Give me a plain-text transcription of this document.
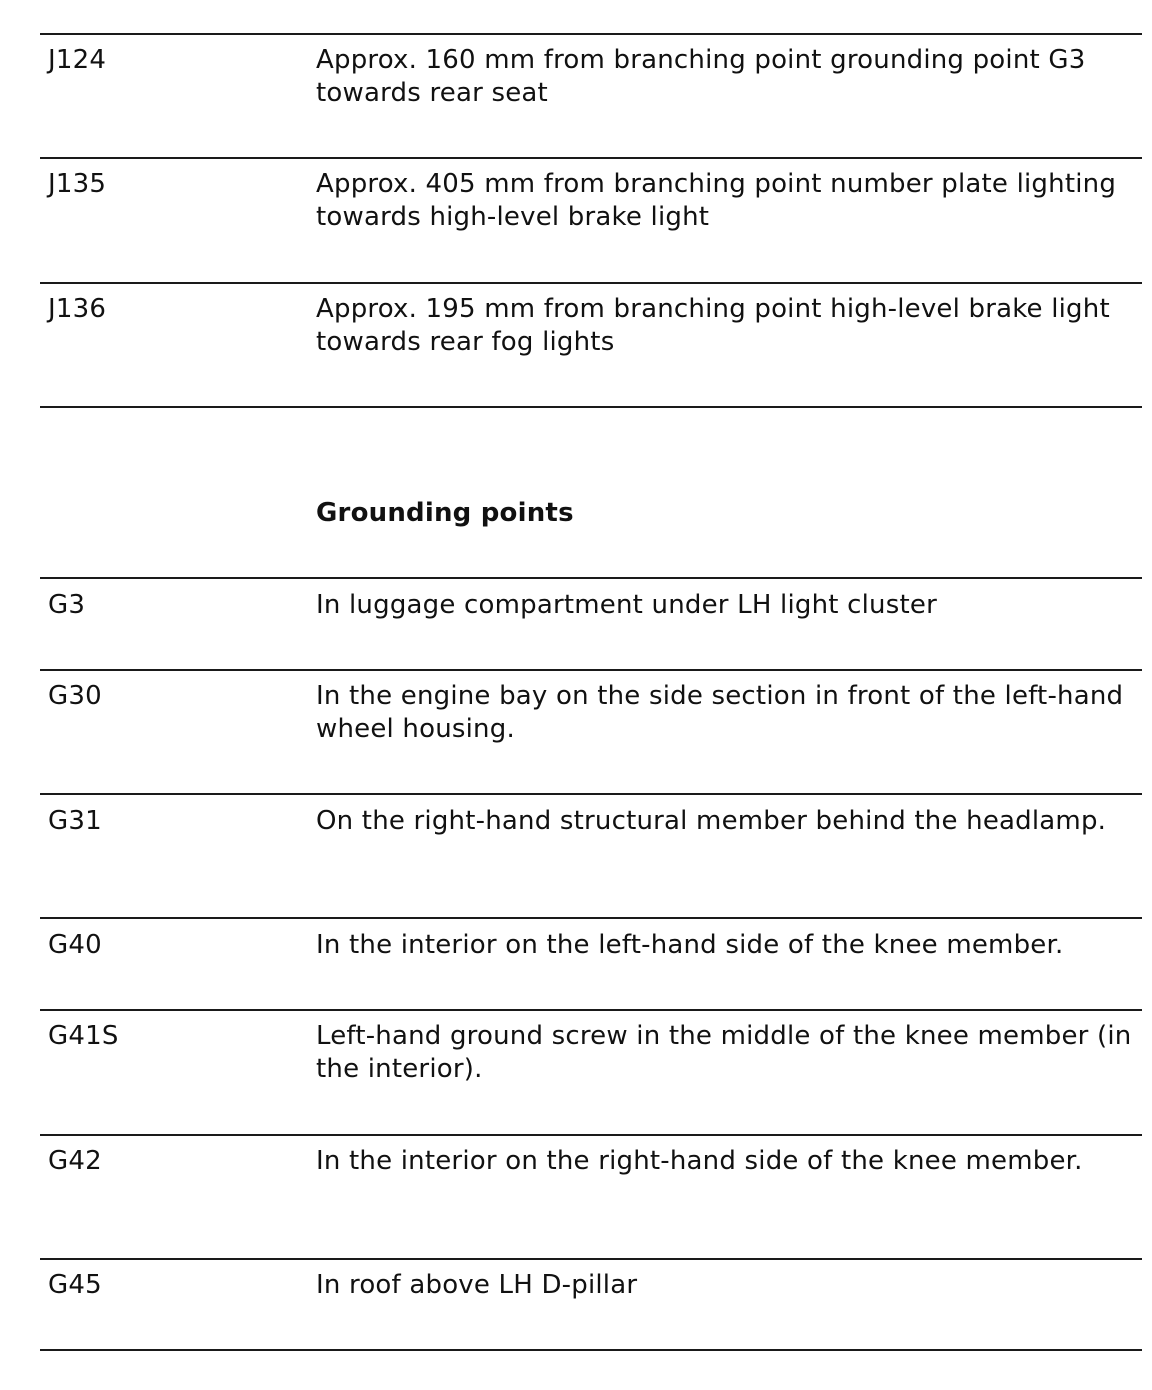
J124	Approx. 160 mm from branching point grounding point G3 towards rear seat
J135	Approx. 405 mm from branching point number plate lighting towards high-level brake light
J136	Approx. 195 mm from branching point high-level brake light towards rear fog lights
Grounding points
G3	In luggage compartment under LH light cluster
G30	In the engine bay on the side section in front of the left-hand wheel housing.
G31	On the right-hand structural member behind the headlamp.
G40	In the interior on the left-hand side of the knee member.
G41S	Left-hand ground screw in the middle of the knee member (in the interior).
G42	In the interior on the right-hand side of the knee member.
G45	In roof above LH D-pillar
